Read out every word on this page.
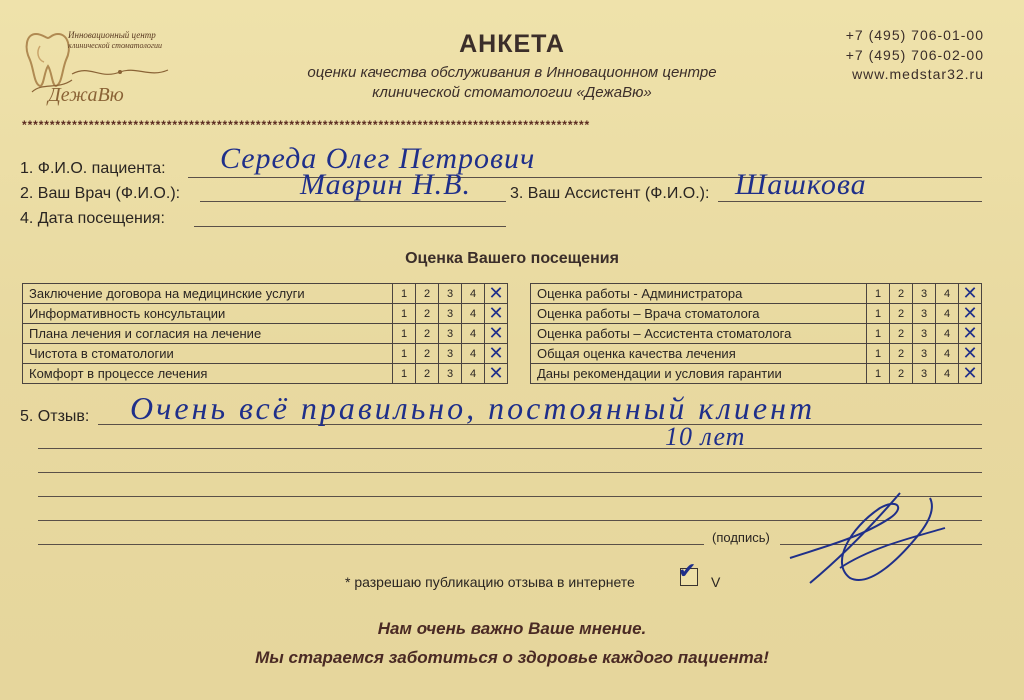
Инновационный центр
клинической стоматологии
ДежаВю
АНКЕТА
оценки качества обслуживания в Инновационном центре
клинической стоматологии «ДежаВю»
+7 (495) 706-01-00
+7 (495) 706-02-00
www.medstar32.ru
******************************************************************************************************
1. Ф.И.О. пациента: Середа Олег Петрович
2. Ваш Врач (Ф.И.О.):	Маврин Н.В. 3. Ваш Ассистент (Ф.И.О.): Шашкова
4. Дата посещения:
Оценка Вашего посещения
Заключение договора на медицинские услуги	1	2	3	4	✕
Информативность консультации	1	2	3	4	✕
Плана лечения и согласия на лечение	1	2	3	4	✕
Чистота в стоматологии	1	2	3	4	✕
Комфорт в процессе лечения	1	2	3	4	✕
Оценка работы - Администратора	1	2	3	4	✕
Оценка работы – Врача стоматолога	1	2	3	4	✕
Оценка работы – Ассистента стоматолога	1	2	3	4	✕
Общая оценка качества лечения	1	2	3	4	✕
Даны рекомендации и условия гарантии	1	2	3	4	✕
5. Отзыв: Очень всё правильно, постоянный клиент
10 лет
(подпись)
* разрешаю публикацию отзыва в интернете ✔ V
Нам очень важно Ваше мнение.
Мы стараемся заботиться о здоровье каждого пациента!
